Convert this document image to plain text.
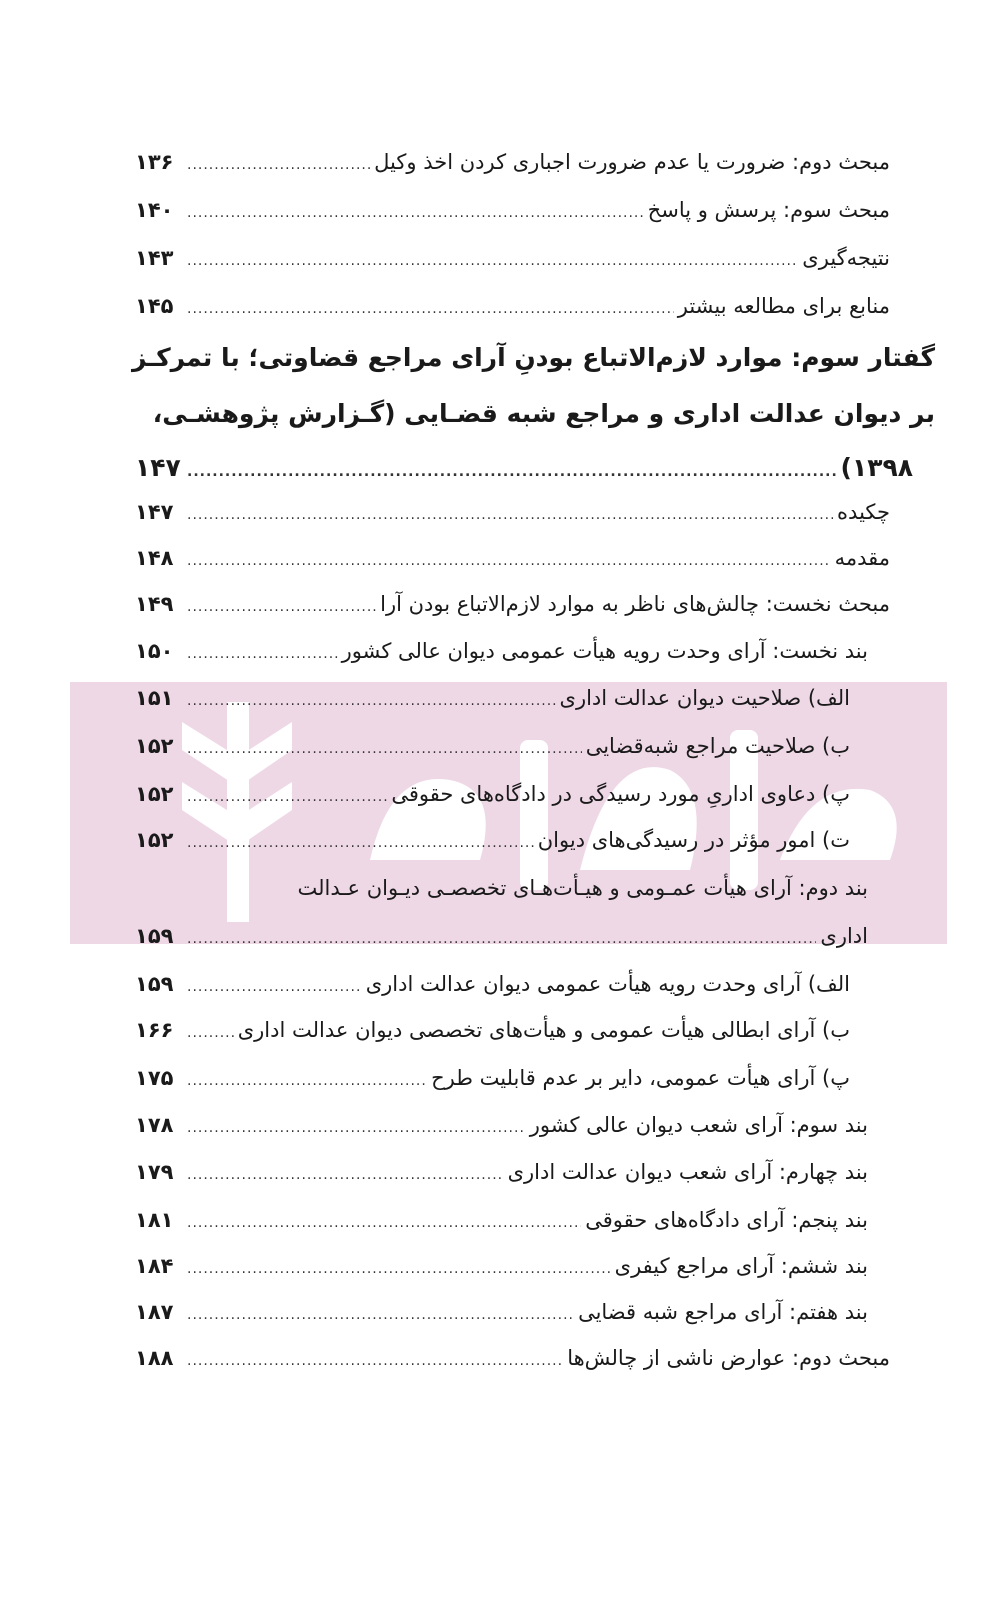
مبحث دوم: ضرورت یا عدم ضرورت اجباری کردن اخذ وکیل
.....
۱۳۶
مبحث سوم: پرسش و پاسخ
.....
۱۴۰
نتیجه‌گیری
.....
۱۴۳
منابع برای مطالعه بیشتر
.....
۱۴۵
گفتار سوم: موارد لازم‌الاتباع بودنِ آرای مراجع قضاوتی؛ با تمرکـز
بر دیوان عدالت اداری و مراجع شبه قضـایی (گـزارش پژوهشـی،
۱۳۹۸)
.....
۱۴۷
چکیده
.....
۱۴۷
مقدمه
.....
۱۴۸
مبحث نخست: چالش‌های ناظر به موارد لازم‌الاتباع بودن آرا
.....
۱۴۹
بند نخست: آرای وحدت رویه هیأت عمومی دیوان عالی کشور
.....
۱۵۰
الف) صلاحیت دیوان عدالت اداری
.....
۱۵۱
ب) صلاحیت مراجع شبه‌قضایی
.....
۱۵۲
پ) دعاوی اداریِ مورد رسیدگی در دادگاه‌های حقوقی
.....
۱۵۲
ت) امور مؤثر در رسیدگی‌های دیوان
.....
۱۵۲
بند دوم: آرای هیأت عمـومی و هیـأت‌هـای تخصصـی دیـوان عـدالت
اداری
.....
۱۵۹
الف) آرای وحدت رویه هیأت عمومی دیوان عدالت اداری
.....
۱۵۹
ب) آرای ابطالی هیأت عمومی و هیأت‌های تخصصی دیوان عدالت اداری
.....
۱۶۶
پ) آرای هیأت عمومی، دایر بر عدم قابلیت طرح
.....
۱۷۵
بند سوم: آرای شعب دیوان عالی کشور
.....
۱۷۸
بند چهارم: آرای شعب دیوان عدالت اداری
.....
۱۷۹
بند پنجم: آرای دادگاه‌های حقوقی
.....
۱۸۱
بند ششم: آرای مراجع کیفری
.....
۱۸۴
بند هفتم: آرای مراجع شبه قضایی
.....
۱۸۷
مبحث دوم: عوارض ناشی از چالش‌ها
.....
۱۸۸
